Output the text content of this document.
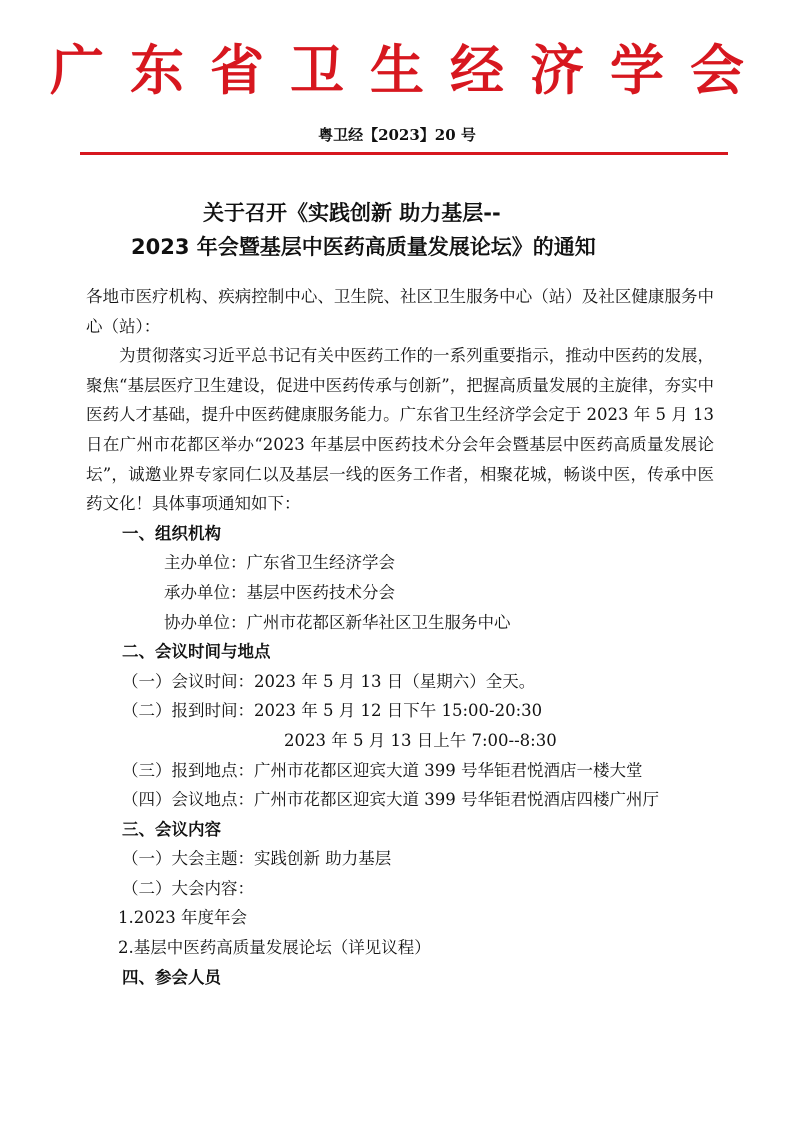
广东省卫生经济学会
粤卫经【2023】20 号
关于召开《实践创新 助力基层--
2023 年会暨基层中医药高质量发展论坛》的通知

各地市医疗机构、疾病控制中心、卫生院、社区卫生服务中心（站）及社区健康服务中心（站）：

为贯彻落实习近平总书记有关中医药工作的一系列重要指示，推动中医药的发展，聚焦“基层医疗卫生建设，促进中医药传承与创新”，把握高质量发展的主旋律，夯实中医药人才基础，提升中医药健康服务能力。广东省卫生经济学会定于 2023 年 5 月 13 日在广州市花都区举办“2023 年基层中医药技术分会年会暨基层中医药高质量发展论坛”，诚邀业界专家同仁以及基层一线的医务工作者，相聚花城，畅谈中医，传承中医药文化！具体事项通知如下：

一、组织机构

主办单位：广东省卫生经济学会

承办单位：基层中医药技术分会

协办单位：广州市花都区新华社区卫生服务中心

二、会议时间与地点

（一）会议时间：2023 年 5 月 13 日（星期六）全天。

（二）报到时间：2023 年 5 月 12 日下午 15:00-20:30

2023 年 5 月 13 日上午 7:00--8:30

（三）报到地点：广州市花都区迎宾大道 399 号华钜君悦酒店一楼大堂

（四）会议地点：广州市花都区迎宾大道 399 号华钜君悦酒店四楼广州厅

三、会议内容

（一）大会主题：实践创新 助力基层

（二）大会内容：

1.2023 年度年会

2.基层中医药高质量发展论坛（详见议程）

四、参会人员
